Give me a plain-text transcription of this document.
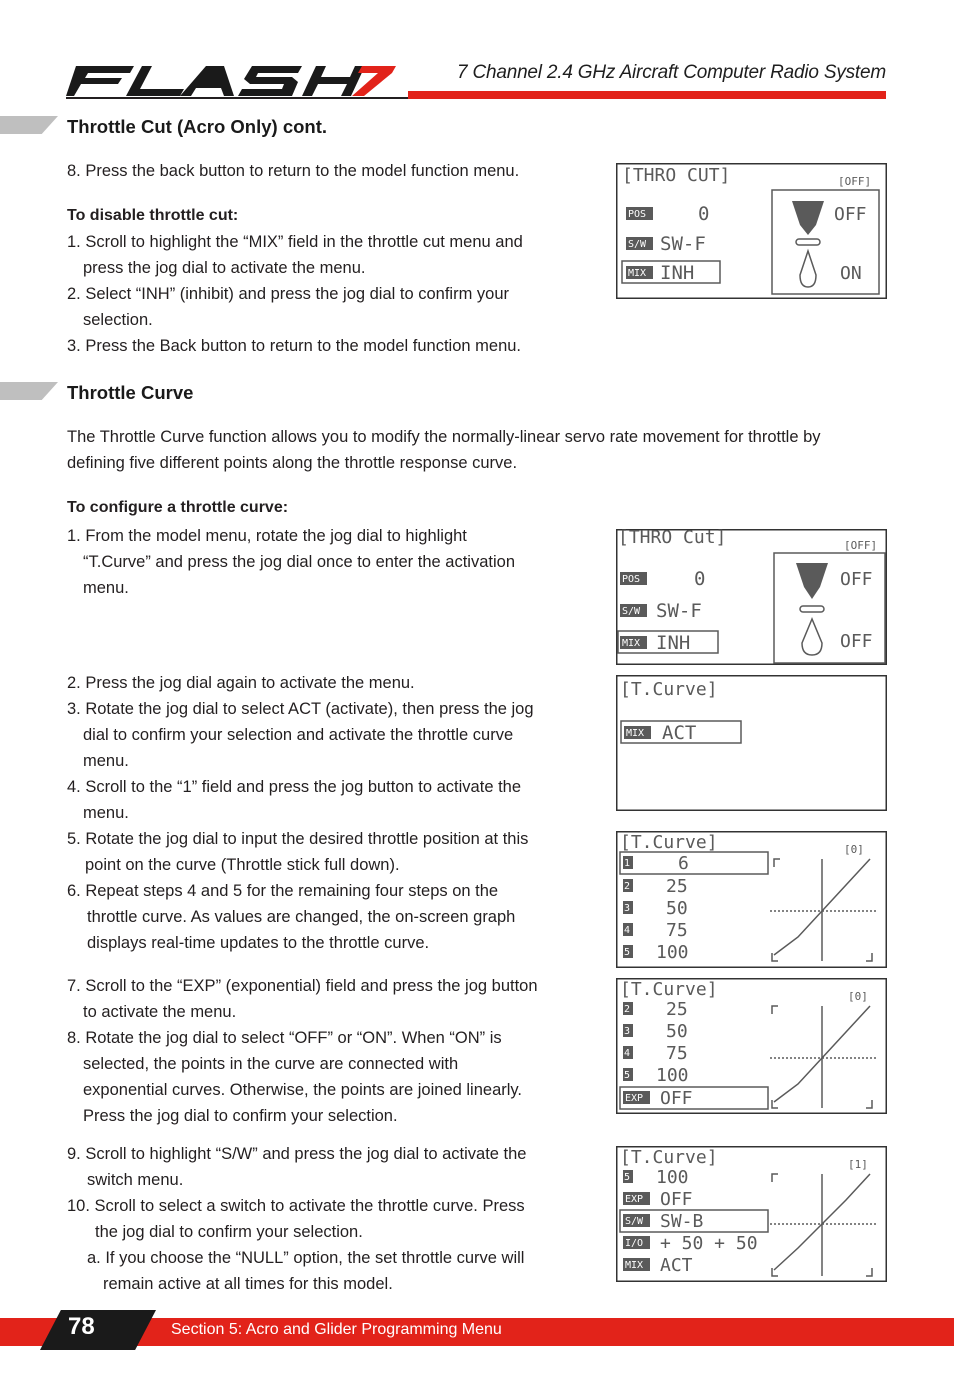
7 Channel 2.4 GHz Aircraft Computer Radio System
Throttle Cut (Acro Only) cont.
8. Press the back button to return to the model function menu.
To disable throttle cut:
1. Scroll to highlight the “MIX” field in the throttle cut menu and
press the jog dial to activate the menu.
2. Select “INH” (inhibit) and press the jog dial to confirm your
selection.
3. Press the Back button to return to the model function menu.
[THRO CUT]	[OFF]
POS	0
S/W SW-F
MIX INH
OFF
ON
Throttle Curve
The Throttle Curve function allows you to modify the normally-linear servo rate movement for throttle by
defining five different points along the throttle response curve.
To configure a throttle curve:
1. From the model menu, rotate the jog dial to highlight
“T.Curve” and press the jog dial once to enter the activation
menu.
[THRO Cut]	[OFF]
POS	0
S/W SW-F
MIX INH
OFF
OFF
2. Press the jog dial again to activate the menu.
3. Rotate the jog dial to select ACT (activate), then press the jog
dial to confirm your selection and activate the throttle curve
menu.
4. Scroll to the “1” field and press the jog button to activate the
menu.
5. Rotate the jog dial to input the desired throttle position at this
point on the curve (Throttle stick full down).
6. Repeat steps 4 and 5 for the remaining four steps on the
throttle curve. As values are changed, the on-screen graph
displays real-time updates to the throttle curve.
[T.Curve]
MIX ACT
[T.Curve]	[0]
1	6
2 25
3 50
4 75
5 100
7. Scroll to the “EXP” (exponential) field and press the jog button
to activate the menu.
8. Rotate the jog dial to select “OFF” or “ON”. When “ON” is
selected, the points in the curve are connected with
exponential curves. Otherwise, the points are joined linearly.
Press the jog dial to confirm your selection.
[T.Curve]	[0]
2 25
3 50
4 75
5 100
EXP OFF
9. Scroll to highlight “S/W” and press the jog dial to activate the
switch menu.
10. Scroll to select a switch to activate the throttle curve. Press
the jog dial to confirm your selection.
a. If you choose the “NULL” option, the set throttle curve will
remain active at all times for this model.
[T.Curve]	[1]
5 100
EXP OFF
S/W SW-B
I/O + 50 + 50
MIX ACT
78	Section 5: Acro and Glider Programming Menu
